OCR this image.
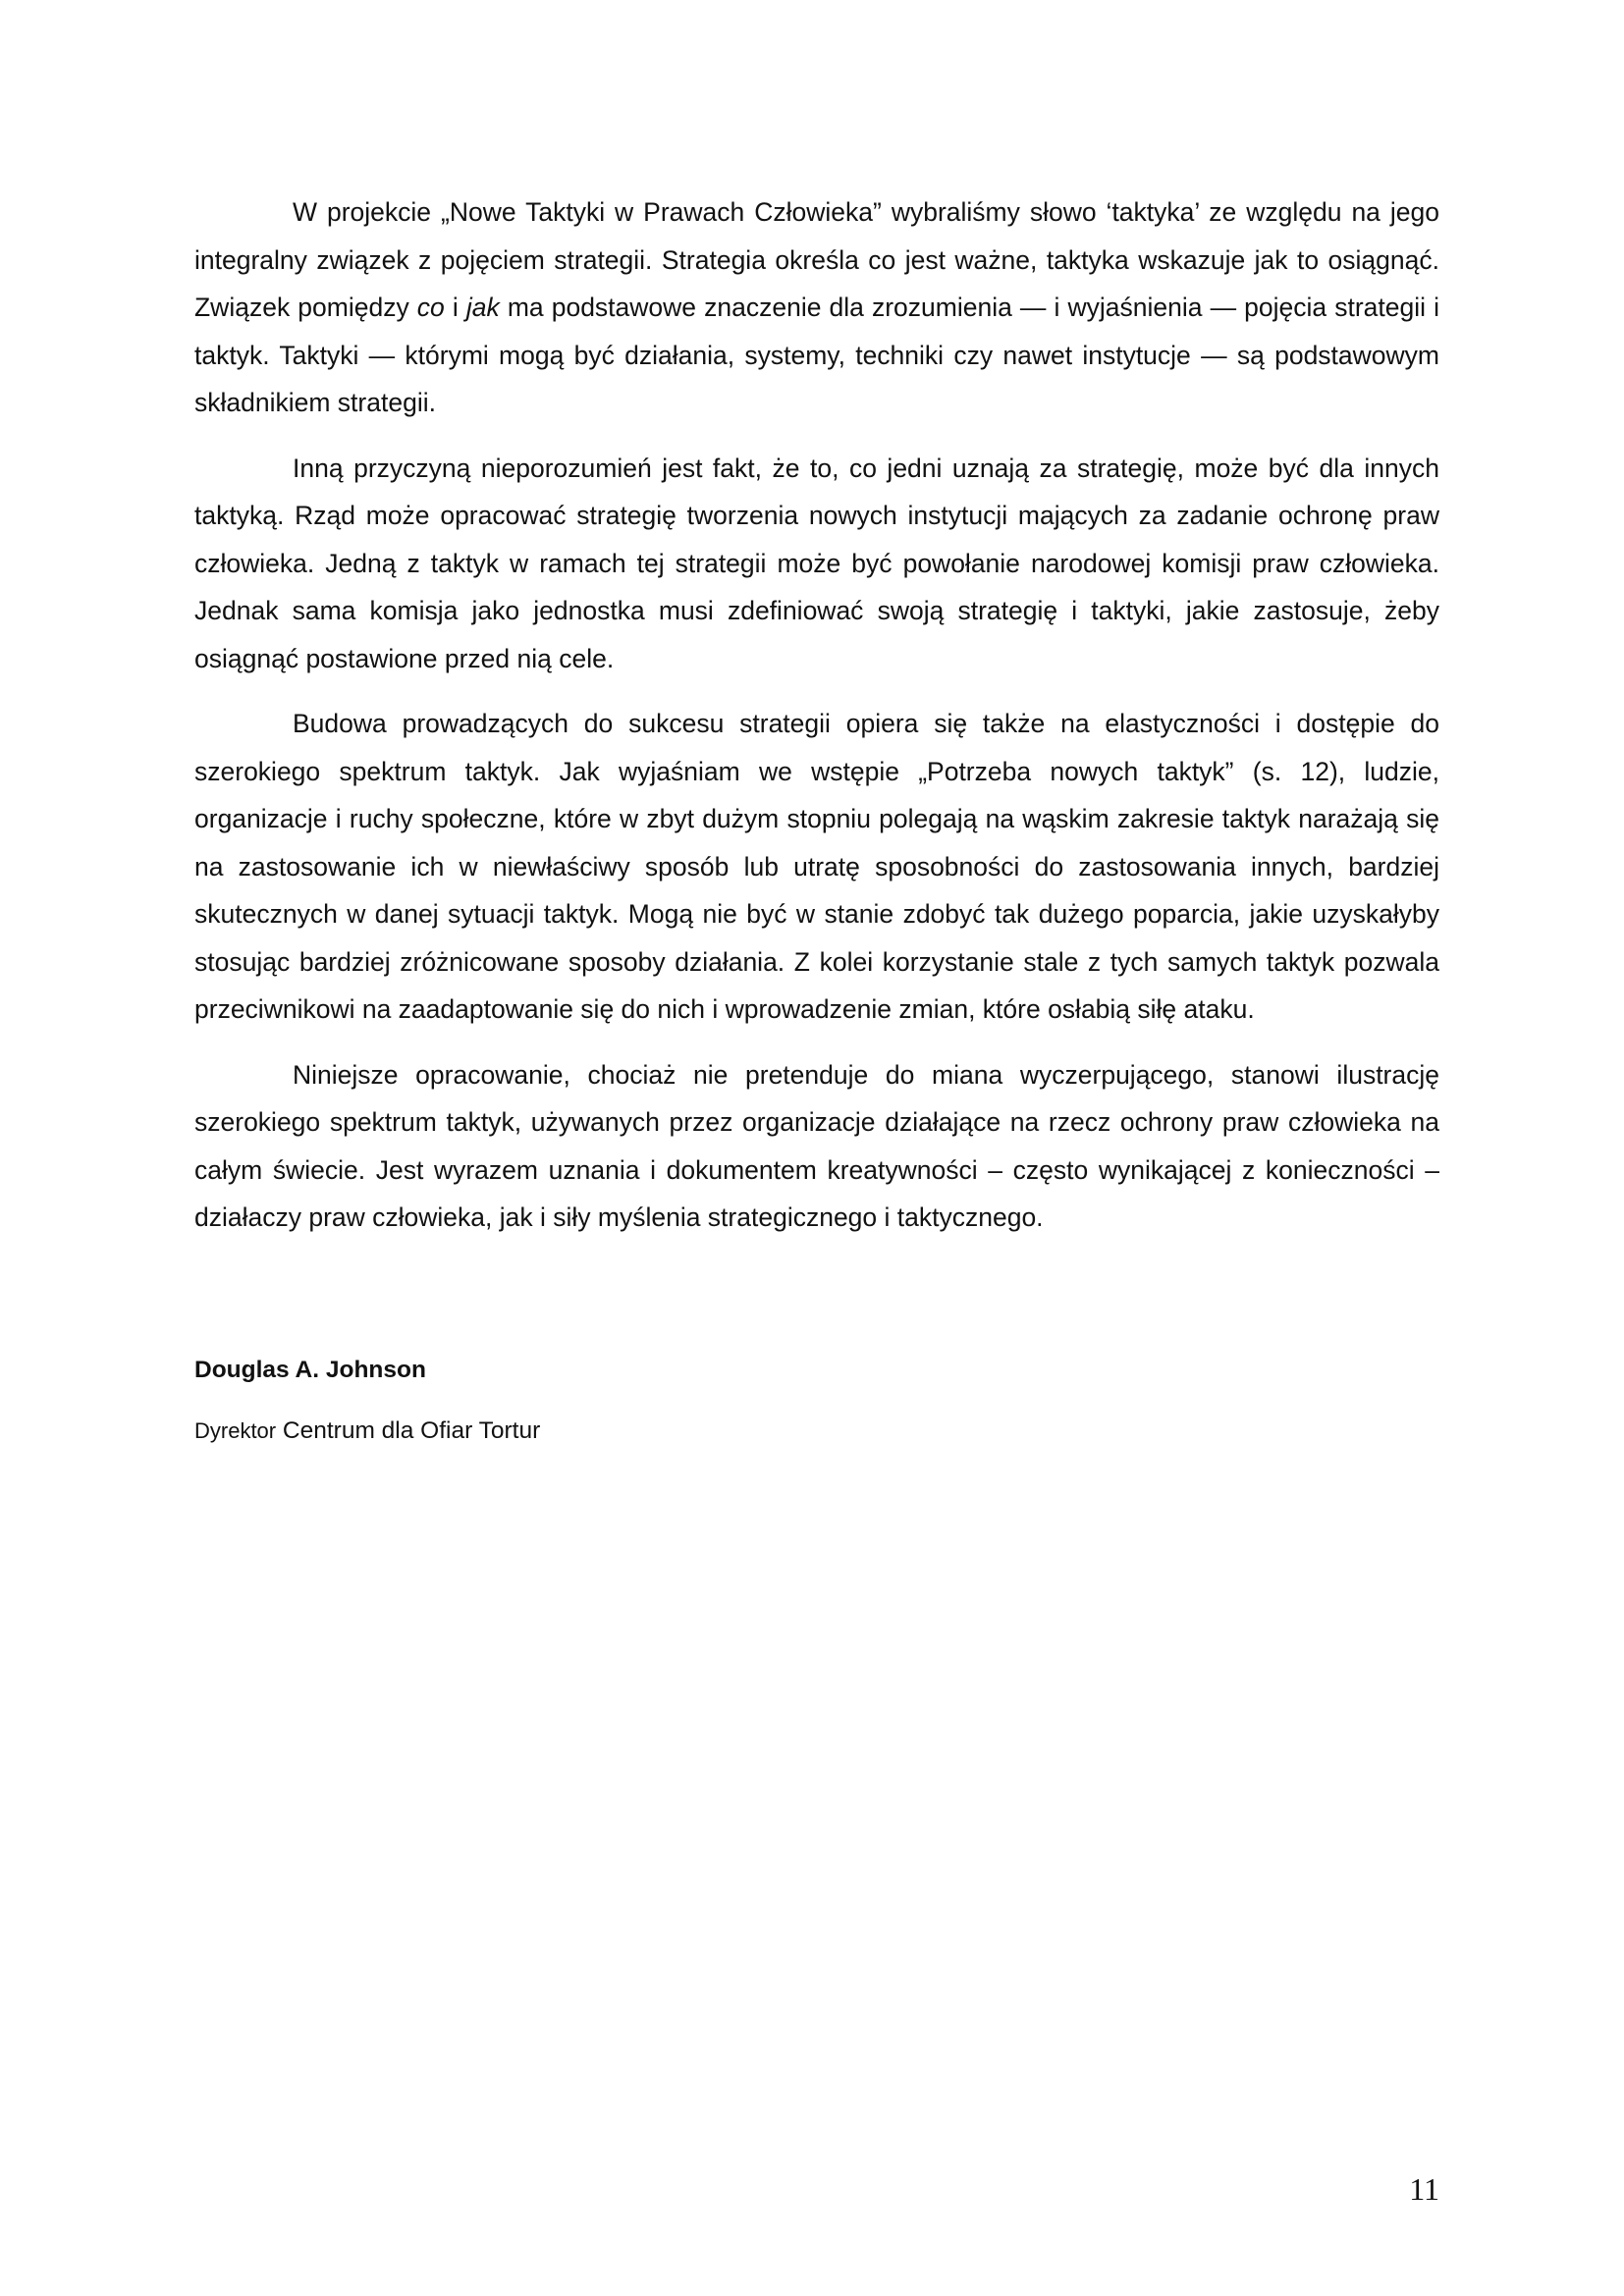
W projekcie „Nowe Taktyki w Prawach Człowieka” wybraliśmy słowo ‘taktyka’ ze względu na jego integralny związek z pojęciem strategii. Strategia określa co jest ważne, taktyka wskazuje jak to osiągnąć. Związek pomiędzy co i jak ma podstawowe znaczenie dla zrozumienia — i wyjaśnienia — pojęcia strategii i taktyk. Taktyki — którymi mogą być działania, systemy, techniki czy nawet instytucje — są podstawowym składnikiem strategii.

Inną przyczyną nieporozumień jest fakt, że to, co jedni uznają za strategię, może być dla innych taktyką. Rząd może opracować strategię tworzenia nowych instytucji mających za zadanie ochronę praw człowieka. Jedną z taktyk w ramach tej strategii może być powołanie narodowej komisji praw człowieka. Jednak sama komisja jako jednostka musi zdefiniować swoją strategię i taktyki, jakie zastosuje, żeby osiągnąć postawione przed nią cele.

Budowa prowadzących do sukcesu strategii opiera się także na elastyczności i dostępie do szerokiego spektrum taktyk. Jak wyjaśniam we wstępie „Potrzeba nowych taktyk” (s. 12), ludzie, organizacje i ruchy społeczne, które w zbyt dużym stopniu polegają na wąskim zakresie taktyk narażają się na zastosowanie ich w niewłaściwy sposób lub utratę sposobności do zastosowania innych, bardziej skutecznych w danej sytuacji taktyk. Mogą nie być w stanie zdobyć tak dużego poparcia, jakie uzyskałyby stosując bardziej zróżnicowane sposoby działania. Z kolei korzystanie stale z tych samych taktyk pozwala przeciwnikowi na zaadaptowanie się do nich i wprowadzenie zmian, które osłabią siłę ataku.

Niniejsze opracowanie, chociaż nie pretenduje do miana wyczerpującego, stanowi ilustrację szerokiego spektrum taktyk, używanych przez organizacje działające na rzecz ochrony praw człowieka na całym świecie. Jest wyrazem uznania i dokumentem kreatywności – często wynikającej z konieczności – działaczy praw człowieka, jak i siły myślenia strategicznego i taktycznego.

Douglas A. Johnson

Dyrektor Centrum dla Ofiar Tortur

11
